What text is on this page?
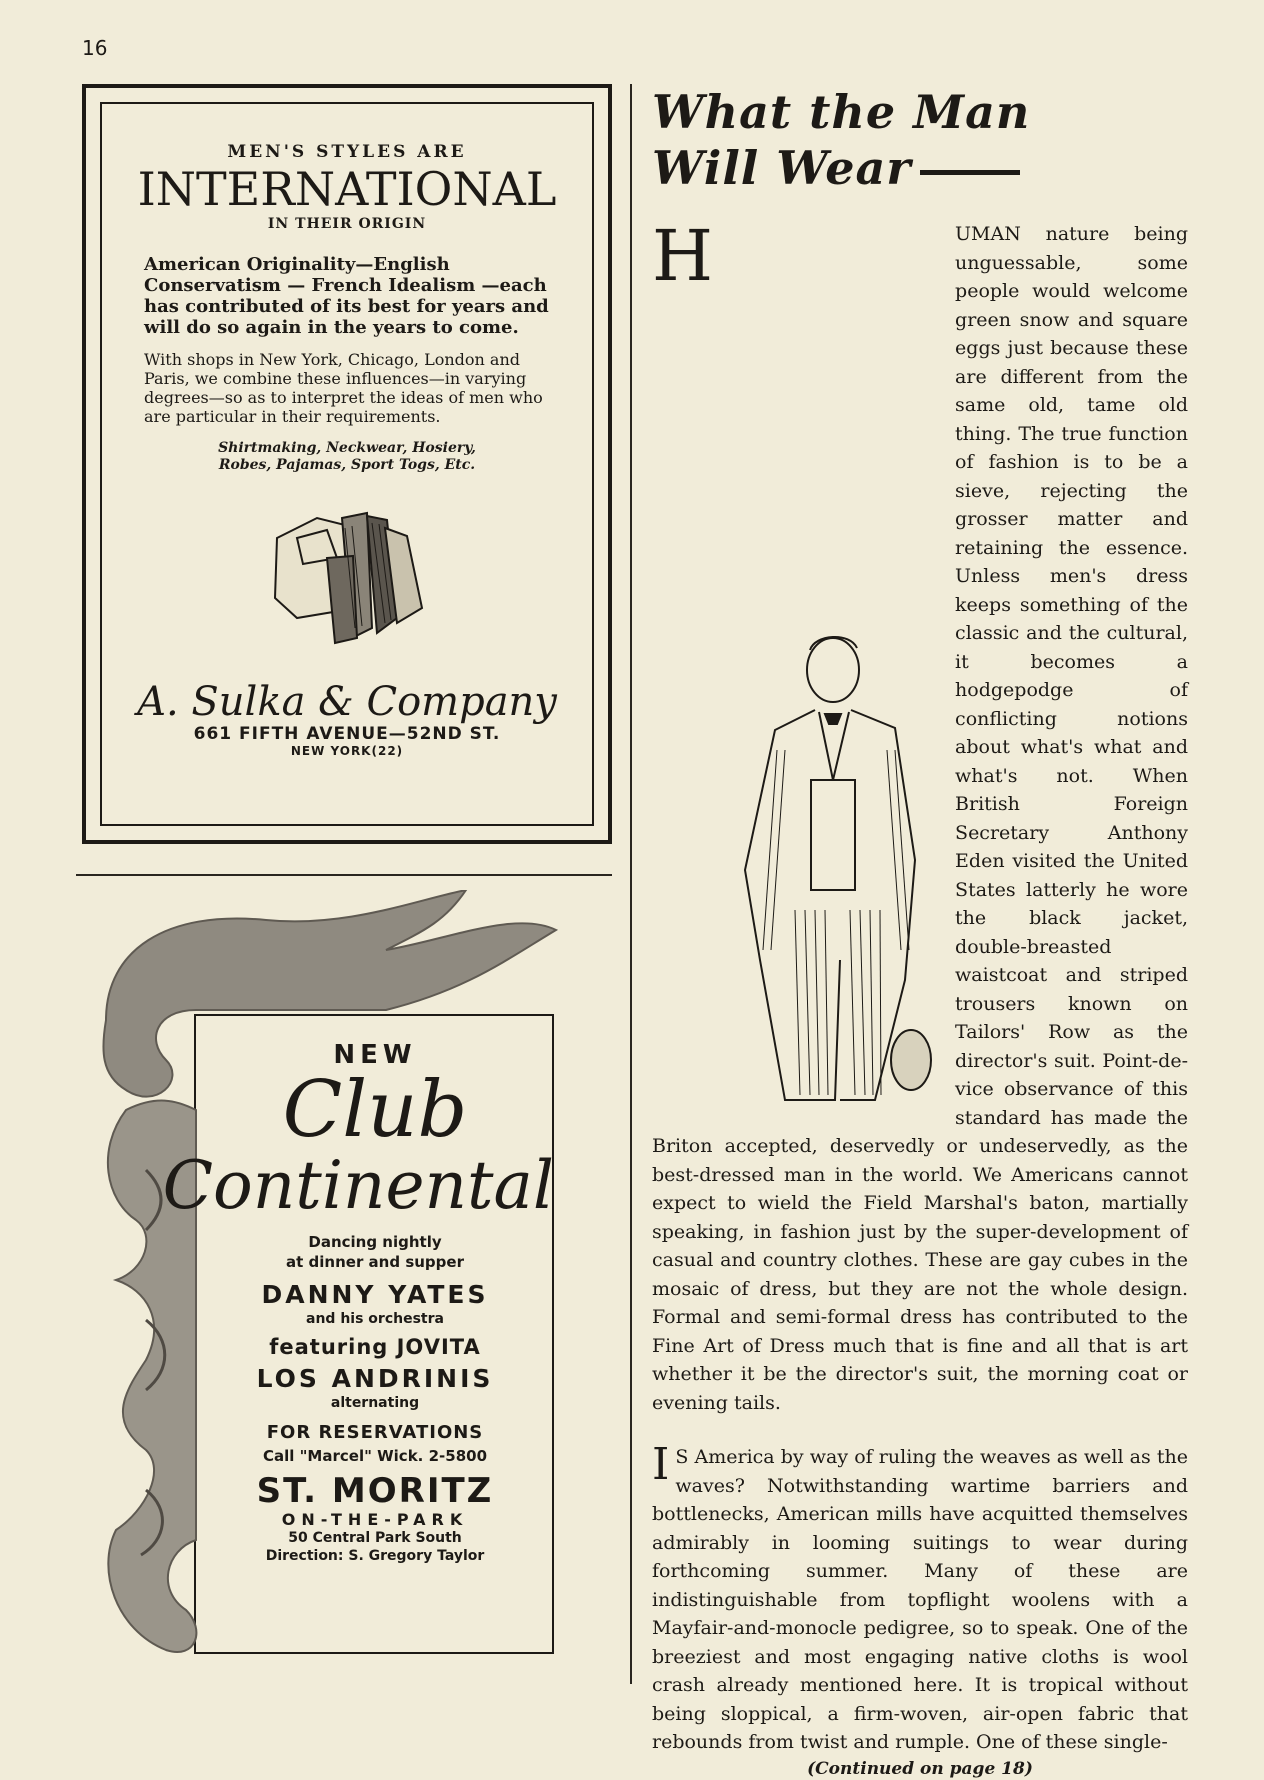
16
MEN'S STYLES ARE
INTERNATIONAL
IN THEIR ORIGIN
American Originality—English Conservatism — French Idealism —each has contributed of its best for years and will do so again in the years to come.
With shops in New York, Chicago, London and Paris, we combine these influences—in varying degrees—so as to interpret the ideas of men who are particular in their requirements.
Shirtmaking, Neckwear, Hosiery,
Robes, Pajamas, Sport Togs, Etc.
A. Sulka & Company
661 FIFTH AVENUE—52ND ST.
NEW YORK(22)
NEW
Club
Continental
Dancing nightly
at dinner and supper
DANNY YATES
and his orchestra
featuring JOVITA
LOS ANDRINIS
alternating
FOR RESERVATIONS
Call "Marcel" Wick. 2-5800
ST. MORITZ
ON-THE-PARK
50 Central Park South
Direction: S. Gregory Taylor
What the Man
Will Wear
H	UMAN nature being unguessable, some people would welcome green snow and square eggs just because these are different from the same old, tame old thing. The true function of fashion is to be a sieve, rejecting the grosser matter and retaining the essence. Unless men's dress keeps something of the classic and the cultural, it becomes a hodgepodge of conflicting notions about what's what and what's not. When British Foreign Secretary Anthony Eden visited the United States latterly he wore the black jacket, double-breasted waistcoat and striped trousers known on Tailors' Row as the director's suit. Point-de-vice observance of this standard has made the Briton accepted, deservedly or undeservedly, as the best-dressed man in the world. We Americans cannot expect to wield the Field Marshal's baton, martially speaking, in fashion just by the super-development of casual and country clothes. These are gay cubes in the mosaic of dress, but they are not the whole design. Formal and semi-formal dress has contributed to the Fine Art of Dress much that is fine and all that is art whether it be the director's suit, the morning coat or evening tails.
I S America by way of ruling the weaves as well as the waves? Notwithstanding wartime barriers and bottlenecks, American mills have acquitted themselves admirably in looming suitings to wear during forthcoming summer. Many of these are indistinguishable from topflight woolens with a Mayfair-and-monocle pedigree, so to speak. One of the breeziest and most engaging native cloths is wool crash already mentioned here. It is tropical without being sloppical, a firm-woven, air-open fabric that rebounds from twist and rumple. One of these single-
(Continued on page 18)
